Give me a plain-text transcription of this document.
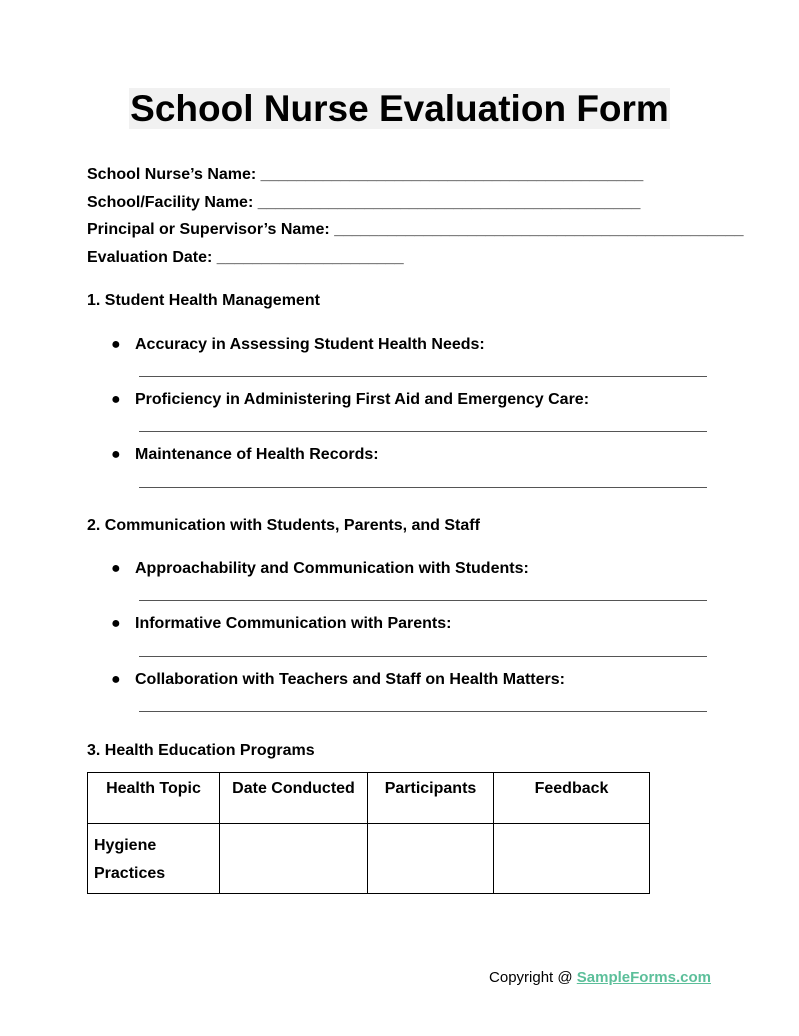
School Nurse Evaluation Form
School Nurse’s Name: ___________________________________________
School/Facility Name: ___________________________________________
Principal or Supervisor’s Name: ______________________________________________
Evaluation Date: _____________________
1. Student Health Management
● Accuracy in Assessing Student Health Needs:
● Proficiency in Administering First Aid and Emergency Care:
● Maintenance of Health Records:
2. Communication with Students, Parents, and Staff
● Approachability and Communication with Students:
● Informative Communication with Parents:
● Collaboration with Teachers and Staff on Health Matters:
3. Health Education Programs
Health Topic	Date Conducted	Participants	Feedback
Hygiene Practices			
Copyright @ SampleForms.com
